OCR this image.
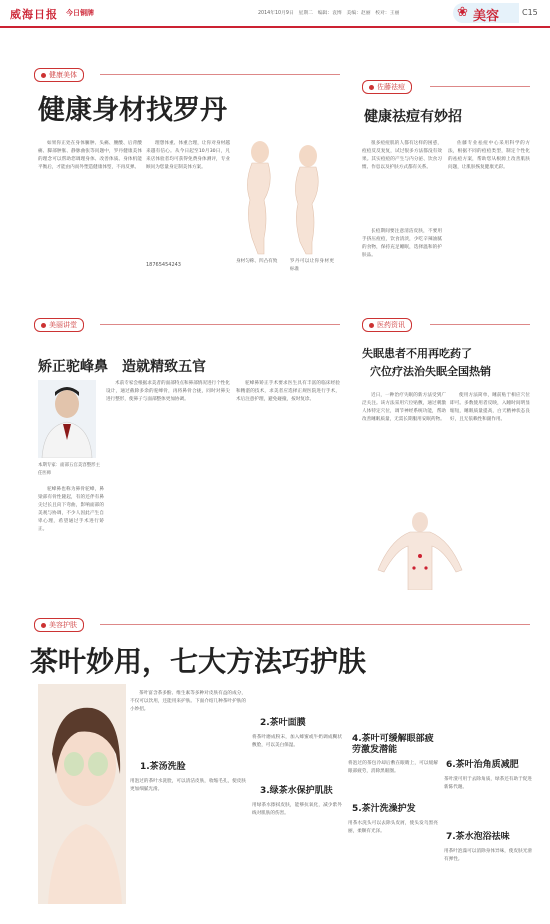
威海日报 今日铜牌	2014年10月9日　星期二　编辑：袁博　美编：赵丽　校对：王丽	❀ 美容	C15
健康美体
健康身材找罗丹

如果你正处在身体臃肿、头痛、腰酸、后背酸痛、脚部肿胀、静脉曲张等问题中，罗丹健康美体的理念可以帮助您调理身体、改善体质。身体机能平衡后，才能由内而外塑造健康体型，不再反弹。

理想体重、体重合理，让你对身材越来越有信心。从今日起至10月30日，凡来店体验者均可获得免费身体测评，专业顾问为您量身定制美体方案。

18765454243
身材匀称、凹凸有致	罗丹可以让你身材更标准
佐藤祛痘
健康祛痘有妙招

很多痘痘肌的人都有这样的困惑，痘痘反反复复，试过很多方法都没有效果。其实痘痘的产生与内分泌、饮食习惯、作息以及护肤方式都有关系。

长痘期间要注意清洁皮肤，不要用手挤压痘痘，饮食清淡，少吃辛辣油腻的食物，保持充足睡眠，选择温和的护肤品。

佐藤专业祛痘中心采用科学的方法，根据不同的痘痘类型，制定个性化的祛痘方案，帮助您从根源上改善肌肤问题，让肌肤恢复健康光彩。

美丽讲堂
矫正驼峰鼻　造就精致五官
本期专家：面部五官美容整形主任医师

驼峰鼻也称为鼻骨驼峰，鼻梁部有骨性隆起，有的还伴有鼻尖过长且向下弯曲，影响面部的美观与协调，不少人因此产生自卑心理，希望通过手术进行矫正。

术前专家会根据求美者的面部特点和鼻部情况进行个性化设计，通过截除多余的驼峰骨，再将鼻骨合拢，同时对鼻尖进行整形，使鼻子与面部整体更加协调。

驼峰鼻矫正手术要求医生具有丰富的临床经验和精湛的技术，求美者应选择正规医院进行手术，术后注意护理，避免碰撞，按时复诊。

医药资讯
失眠患者不用再吃药了
穴位疗法治失眠全国热销

近日，一种治疗失眠的新方法受到广泛关注。该方法采用穴位贴敷，通过刺激人体特定穴位，调节神经系统功能，帮助改善睡眠质量，无需长期服用安眠药物。

使用方法简单，睡前贴于相应穴位即可。多数使用者反映，入睡时间明显缩短，睡眠质量提高，白天精神状态良好，且无依赖性和副作用。

美容护肤
茶叶妙用，七大方法巧护肤

茶叶富含茶多酚、维生素等多种对皮肤有益的成分，不仅可以饮用，还能用来护肤。下面介绍几种茶叶护肤的小妙招。

1.茶汤洗脸
用泡过的茶叶水洗脸，可以清洁皮肤，收缩毛孔，使皮肤更加细腻光滑。
2.茶叶面膜
将茶叶磨成粉末，加入蜂蜜或牛奶调成糊状敷脸，可以美白保湿。
3.绿茶水保护肌肤
用绿茶水擦拭皮肤，能够抗氧化，减少紫外线对肌肤的伤害。
4.茶叶可缓解眼部疲劳激发潜能
将泡过的茶包冷却后敷在眼睛上，可以缓解眼部疲劳，消除黑眼圈。
5.茶汁洗澡护发
用茶水洗头可以去除头皮屑，使头发乌黑亮丽，柔顺有光泽。
6.茶叶治角质减肥
茶叶渣可用于去除角质，绿茶还有助于促进新陈代谢。
7.茶水泡浴祛味
用茶叶泡澡可以消除身体异味，使皮肤光滑有弹性。
